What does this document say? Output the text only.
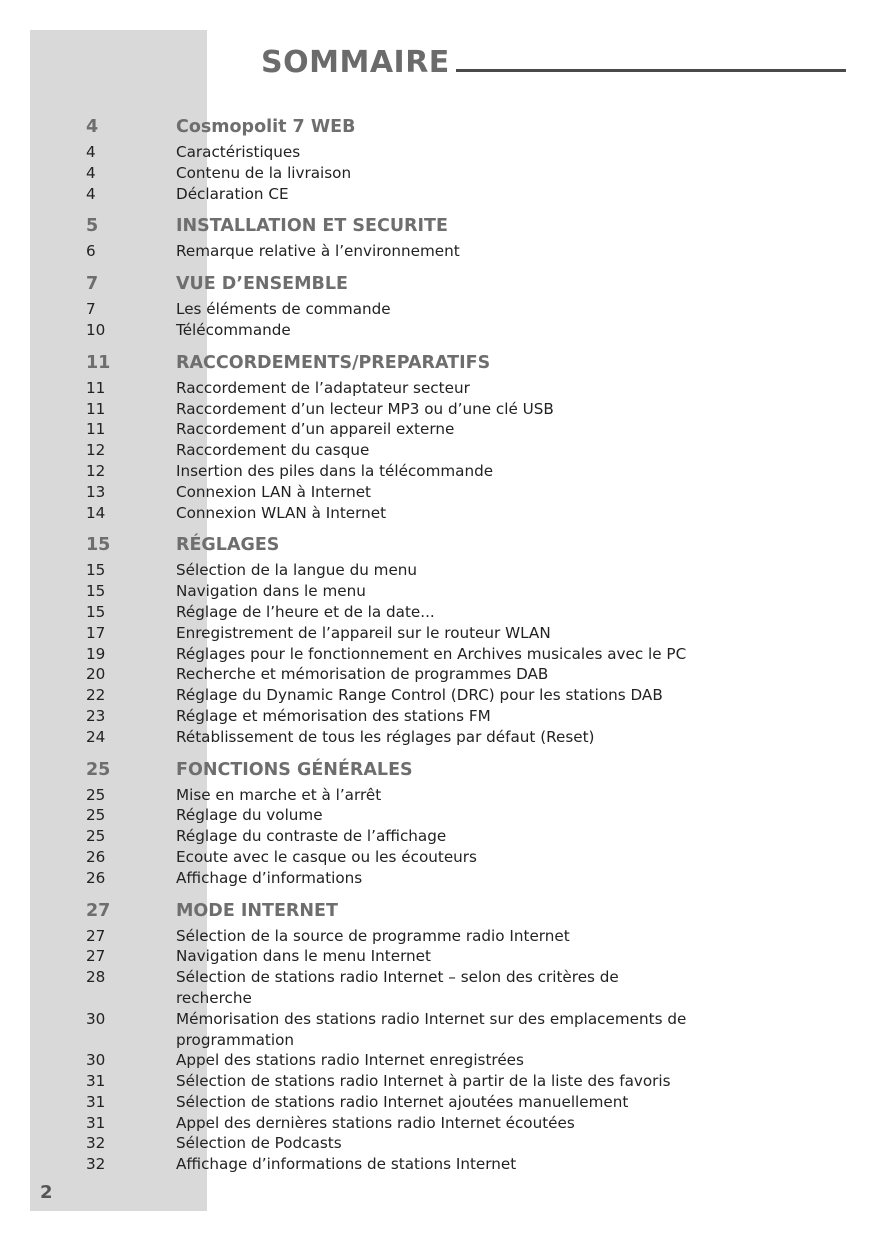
SOMMAIRE
4	Cosmopolit 7 WEB
4	Caractéristiques
4	Contenu de la livraison
4	Déclaration CE
5	INSTALLATION ET SECURITE
6	Remarque relative à l’environnement
7	VUE D’ENSEMBLE
7	Les éléments de commande
10	Télécommande
11	RACCORDEMENTS/PREPARATIFS
11	Raccordement de l’adaptateur secteur
11	Raccordement d’un lecteur MP3 ou d’une clé USB
11	Raccordement d’un appareil externe
12	Raccordement du casque
12	Insertion des piles dans la télécommande
13	Connexion LAN à Internet
14	Connexion WLAN à Internet
15	RÉGLAGES
15	Sélection de la langue du menu
15	Navigation dans le menu
15	Réglage de l’heure et de la date...
17	Enregistrement de l’appareil sur le routeur WLAN
19	Réglages pour le fonctionnement en Archives musicales avec le PC
20	Recherche et mémorisation de programmes DAB
22	Réglage du Dynamic Range Control (DRC) pour les stations DAB
23	Réglage et mémorisation des stations FM
24	Rétablissement de tous les réglages par défaut (Reset)
25	FONCTIONS GÉNÉRALES
25	Mise en marche et à l’arrêt
25	Réglage du volume
25	Réglage du contraste de l’affichage
26	Ecoute avec le casque ou les écouteurs
26	Affichage d’informations
27	MODE INTERNET
27	Sélection de la source de programme radio Internet
27	Navigation dans le menu Internet
28	Sélection de stations radio Internet – selon des critères de recherche
30	Mémorisation des stations radio Internet sur des emplacements de programmation
30	Appel des stations radio Internet enregistrées
31	Sélection de stations radio Internet à partir de la liste des favoris
31	Sélection de stations radio Internet ajoutées manuellement
31	Appel des dernières stations radio Internet écoutées
32	Sélection de Podcasts
32	Affichage d’informations de stations Internet
2
